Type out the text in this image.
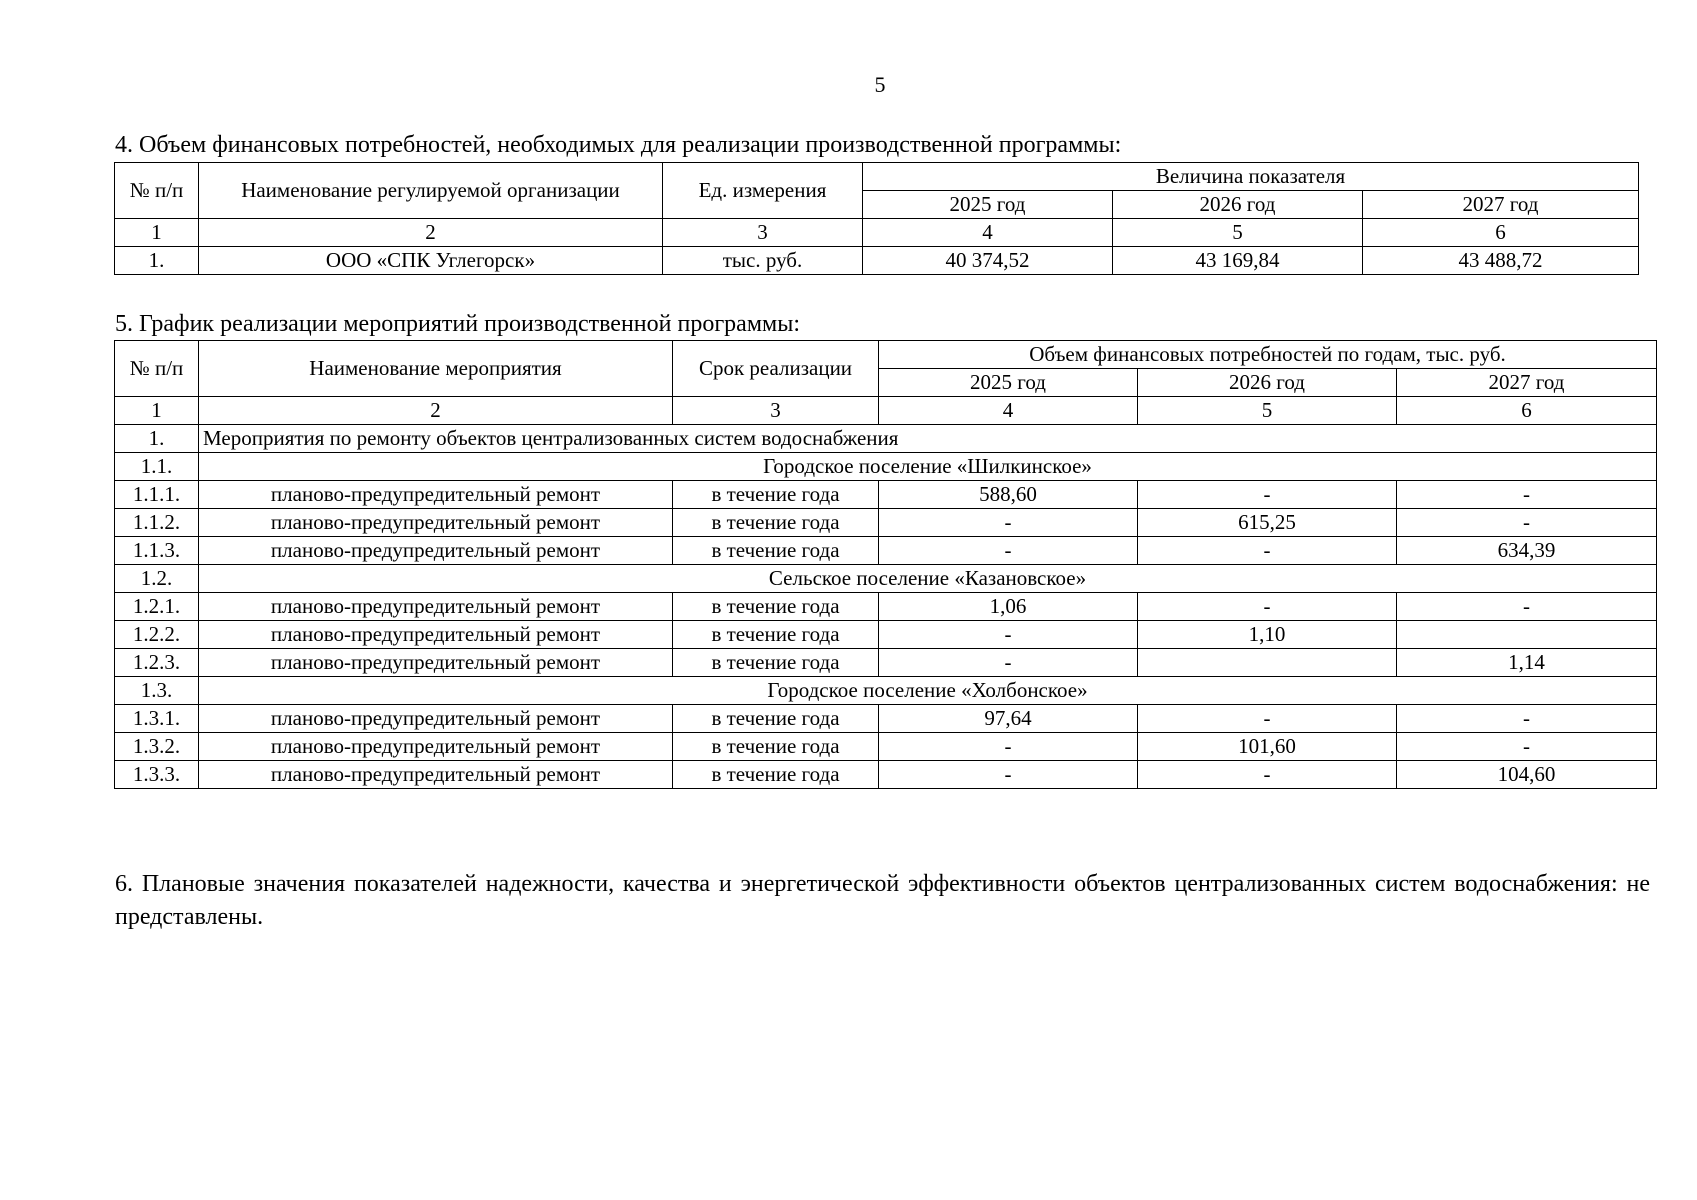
5
4. Объем финансовых потребностей, необходимых для реализации производственной программы:
№ п/п	Наименование регулируемой организации	Ед. измерения	Величина показателя		
			2025 год	2026 год	2027 год
1	2	3	4	5	6
1.	ООО «СПК Углегорск»	тыс. руб.	40 374,52	43 169,84	43 488,72
5. График реализации мероприятий производственной программы:
№ п/п	Наименование мероприятия	Срок реализации	Объем финансовых потребностей по годам, тыс. руб.		
			2025 год	2026 год	2027 год
1	2	3	4	5	6
1.	Мероприятия по ремонту объектов централизованных систем водоснабжения				
1.1.	Городское поселение «Шилкинское»				
1.1.1.	планово-предупредительный ремонт	в течение года	588,60	-	-
1.1.2.	планово-предупредительный ремонт	в течение года	-	615,25	-
1.1.3.	планово-предупредительный ремонт	в течение года	-	-	634,39
1.2.	Сельское поселение «Казановское»				
1.2.1.	планово-предупредительный ремонт	в течение года	1,06	-	-
1.2.2.	планово-предупредительный ремонт	в течение года	-	1,10	
1.2.3.	планово-предупредительный ремонт	в течение года	-		1,14
1.3.	Городское поселение «Холбонское»				
1.3.1.	планово-предупредительный ремонт	в течение года	97,64	-	-
1.3.2.	планово-предупредительный ремонт	в течение года	-	101,60	-
1.3.3.	планово-предупредительный ремонт	в течение года	-	-	104,60
6. Плановые значения показателей надежности, качества и энергетической эффективности объектов централизованных систем водоснабжения: не представлены.
